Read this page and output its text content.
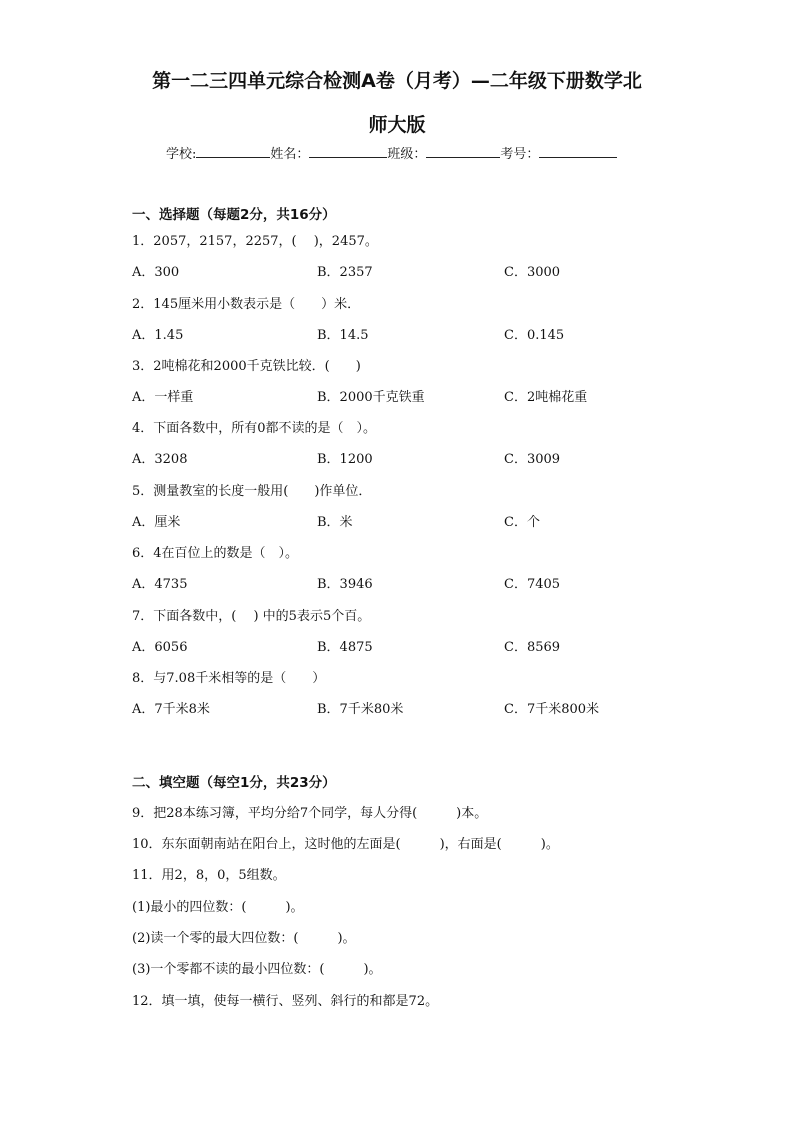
第一二三四单元综合检测A卷（月考）—二年级下册数学北
师大版
学校:	姓名：	班级：	考号：
一、选择题（每题2分，共16分）
1．2057，2157，2257，(　 )，2457。
A．300	B．2357	C．3000
2．145厘米用小数表示是（　　）米．
A．1.45	B．14.5	C．0.145
3．2吨棉花和2000千克铁比较．(　　)
A．一样重	B．2000千克铁重	C．2吨棉花重
4．下面各数中，所有0都不读的是（　）。
A．3208	B．1200	C．3009
5．测量教室的长度一般用(　　)作单位．
A．厘米	B．米	C．个
6．4在百位上的数是（　）。
A．4735	B．3946	C．7405
7．下面各数中，(　 ) 中的5表示5个百。
A．6056	B．4875	C．8569
8．与7.08千米相等的是（　　）
A．7千米8米	B．7千米80米	C．7千米800米
二、填空题（每空1分，共23分）
9．把28本练习簿，平均分给7个同学，每人分得(　　　)本。
10．东东面朝南站在阳台上，这时他的左面是(　　　)，右面是(　　　)。
11．用2，8，0，5组数。
(1)最小的四位数：(　　　)。
(2)读一个零的最大四位数：(　　　)。
(3)一个零都不读的最小四位数：(　　　)。
12．填一填，使每一横行、竖列、斜行的和都是72。
